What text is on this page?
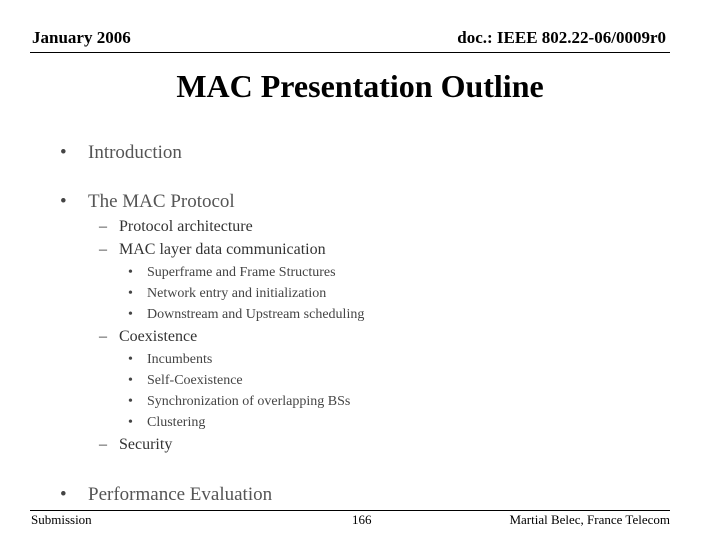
January 2006	doc.: IEEE 802.22-06/0009r0
MAC Presentation Outline
• Introduction
• The MAC Protocol
– Protocol architecture
– MAC layer data communication
• Superframe and Frame Structures
• Network entry and initialization
• Downstream and Upstream scheduling
– Coexistence
• Incumbents
• Self-Coexistence
• Synchronization of overlapping BSs
• Clustering
– Security
• Performance Evaluation
Submission	166	Martial Belec, France Telecom
